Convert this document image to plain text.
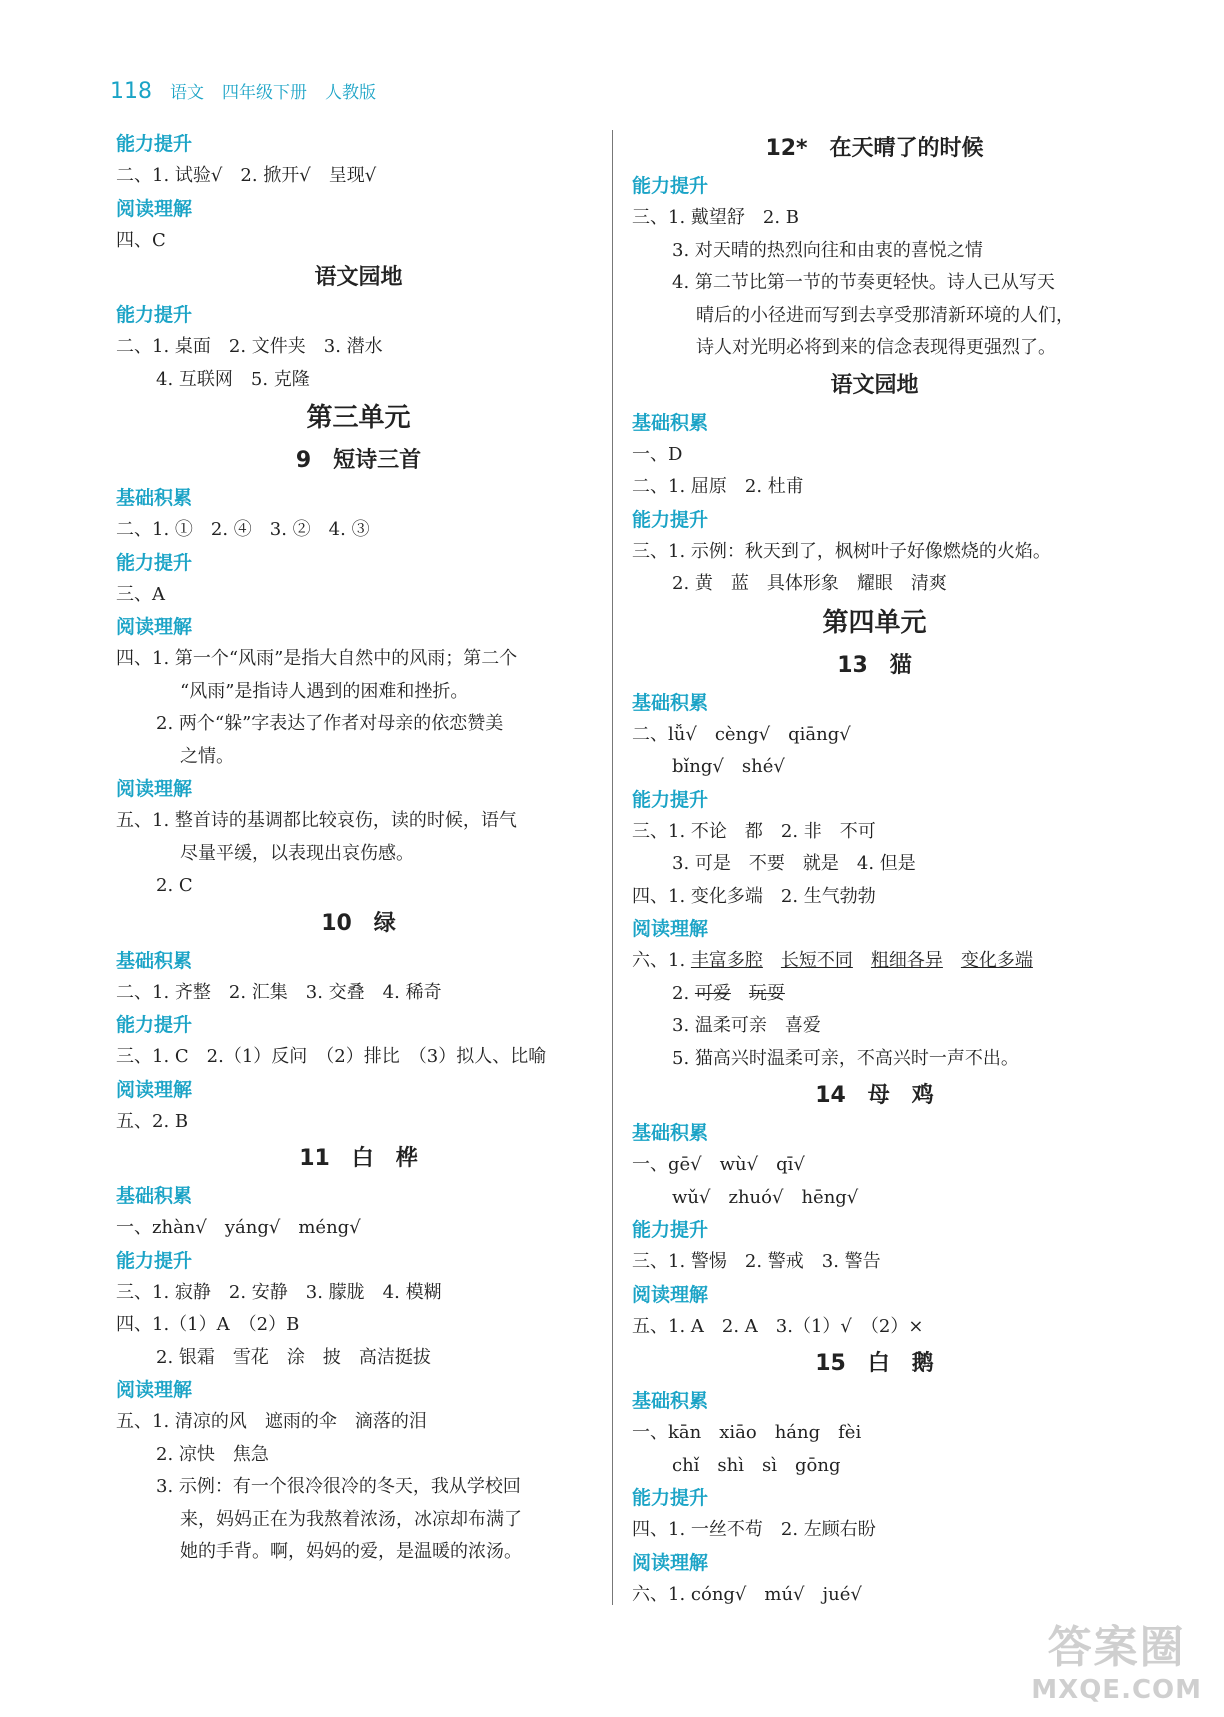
118 语文 四年级下册 人教版
能力提升
二、1. 试验√　2. 掀开√　呈现√
阅读理解
四、C
语文园地
能力提升
二、1. 桌面　2. 文件夹　3. 潜水
4. 互联网　5. 克隆
第三单元
9　短诗三首
基础积累
二、1. ①　2. ④　3. ②　4. ③
能力提升
三、A
阅读理解
四、1. 第一个“风雨”是指大自然中的风雨；第二个
“风雨”是指诗人遇到的困难和挫折。
2. 两个“躲”字表达了作者对母亲的依恋赞美
之情。
阅读理解
五、1. 整首诗的基调都比较哀伤，读的时候，语气
尽量平缓，以表现出哀伤感。
2. C
10　绿
基础积累
二、1. 齐整　2. 汇集　3. 交叠　4. 稀奇
能力提升
三、1. C　2.（1）反问　（2）排比　（3）拟人、比喻
阅读理解
五、2. B
11　白　桦
基础积累
一、zhàn√　yáng√　méng√
能力提升
三、1. 寂静　2. 安静　3. 朦胧　4. 模糊
四、1.（1）A　（2）B
2. 银霜　雪花　涂　披　高洁挺拔
阅读理解
五、1. 清凉的风　遮雨的伞　滴落的泪
2. 凉快　焦急
3. 示例：有一个很冷很冷的冬天，我从学校回
来，妈妈正在为我熬着浓汤，冰凉却布满了
她的手背。啊，妈妈的爱，是温暖的浓汤。
12*　在天晴了的时候
能力提升
三、1. 戴望舒　2. B
3. 对天晴的热烈向往和由衷的喜悦之情
4. 第二节比第一节的节奏更轻快。诗人已从写天
晴后的小径进而写到去享受那清新环境的人们，
诗人对光明必将到来的信念表现得更强烈了。
语文园地
基础积累
一、D
二、1. 屈原　2. 杜甫
能力提升
三、1. 示例：秋天到了，枫树叶子好像燃烧的火焰。
2. 黄　蓝　具体形象　耀眼　清爽
第四单元
13　猫
基础积累
二、lǚ√　cèng√　qiāng√
bǐng√　shé√
能力提升
三、1. 不论　都　2. 非　不可
3. 可是　不要　就是　4. 但是
四、1. 变化多端　2. 生气勃勃
阅读理解
六、1. 丰富多腔　 长短不同　 粗细各异　 变化多端
2. 可爱　 玩耍
3. 温柔可亲　喜爱
5. 猫高兴时温柔可亲，不高兴时一声不出。
14　母　鸡
基础积累
一、gē√　wù√　qī√
wǔ√　zhuó√　hēng√
能力提升
三、1. 警惕　2. 警戒　3. 警告
阅读理解
五、1. A　2. A　3.（1）√　（2）×
15　白　鹅
基础积累
一、kān　xiāo　háng　fèi
chǐ　shì　sì　gōng
能力提升
四、1. 一丝不苟　2. 左顾右盼
阅读理解
六、1. cóng√　mú√　jué√
答案圈
MXQE.COM
